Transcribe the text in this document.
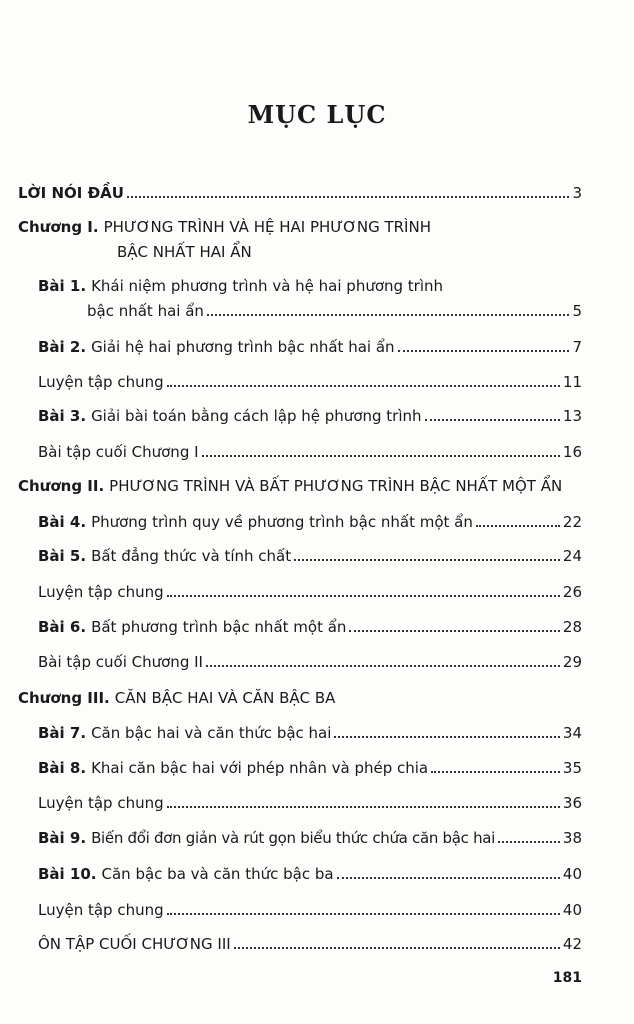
MỤC LỤC
LỜI NÓI ĐẦU	3
Chương I. PHƯƠNG TRÌNH VÀ HỆ HAI PHƯƠNG TRÌNH
BẬC NHẤT HAI ẨN
Bài 1. Khái niệm phương trình và hệ hai phương trình
bậc nhất hai ẩn	5
Bài 2. Giải hệ hai phương trình bậc nhất hai ẩn	7
Luyện tập chung	11
Bài 3. Giải bài toán bằng cách lập hệ phương trình	13
Bài tập cuối Chương I	16
Chương II. PHƯƠNG TRÌNH VÀ BẤT PHƯƠNG TRÌNH BẬC NHẤT MỘT ẨN
Bài 4. Phương trình quy về phương trình bậc nhất một ẩn	22
Bài 5. Bất đẳng thức và tính chất	24
Luyện tập chung	26
Bài 6. Bất phương trình bậc nhất một ẩn	28
Bài tập cuối Chương II	29
Chương III. CĂN BẬC HAI VÀ CĂN BẬC BA
Bài 7. Căn bậc hai và căn thức bậc hai	34
Bài 8. Khai căn bậc hai với phép nhân và phép chia	35
Luyện tập chung	36
Bài 9. Biến đổi đơn giản và rút gọn biểu thức chứa căn bậc hai	38
Bài 10. Căn bậc ba và căn thức bậc ba	40
Luyện tập chung	40
ÔN TẬP CUỐI CHƯƠNG III	42
181
